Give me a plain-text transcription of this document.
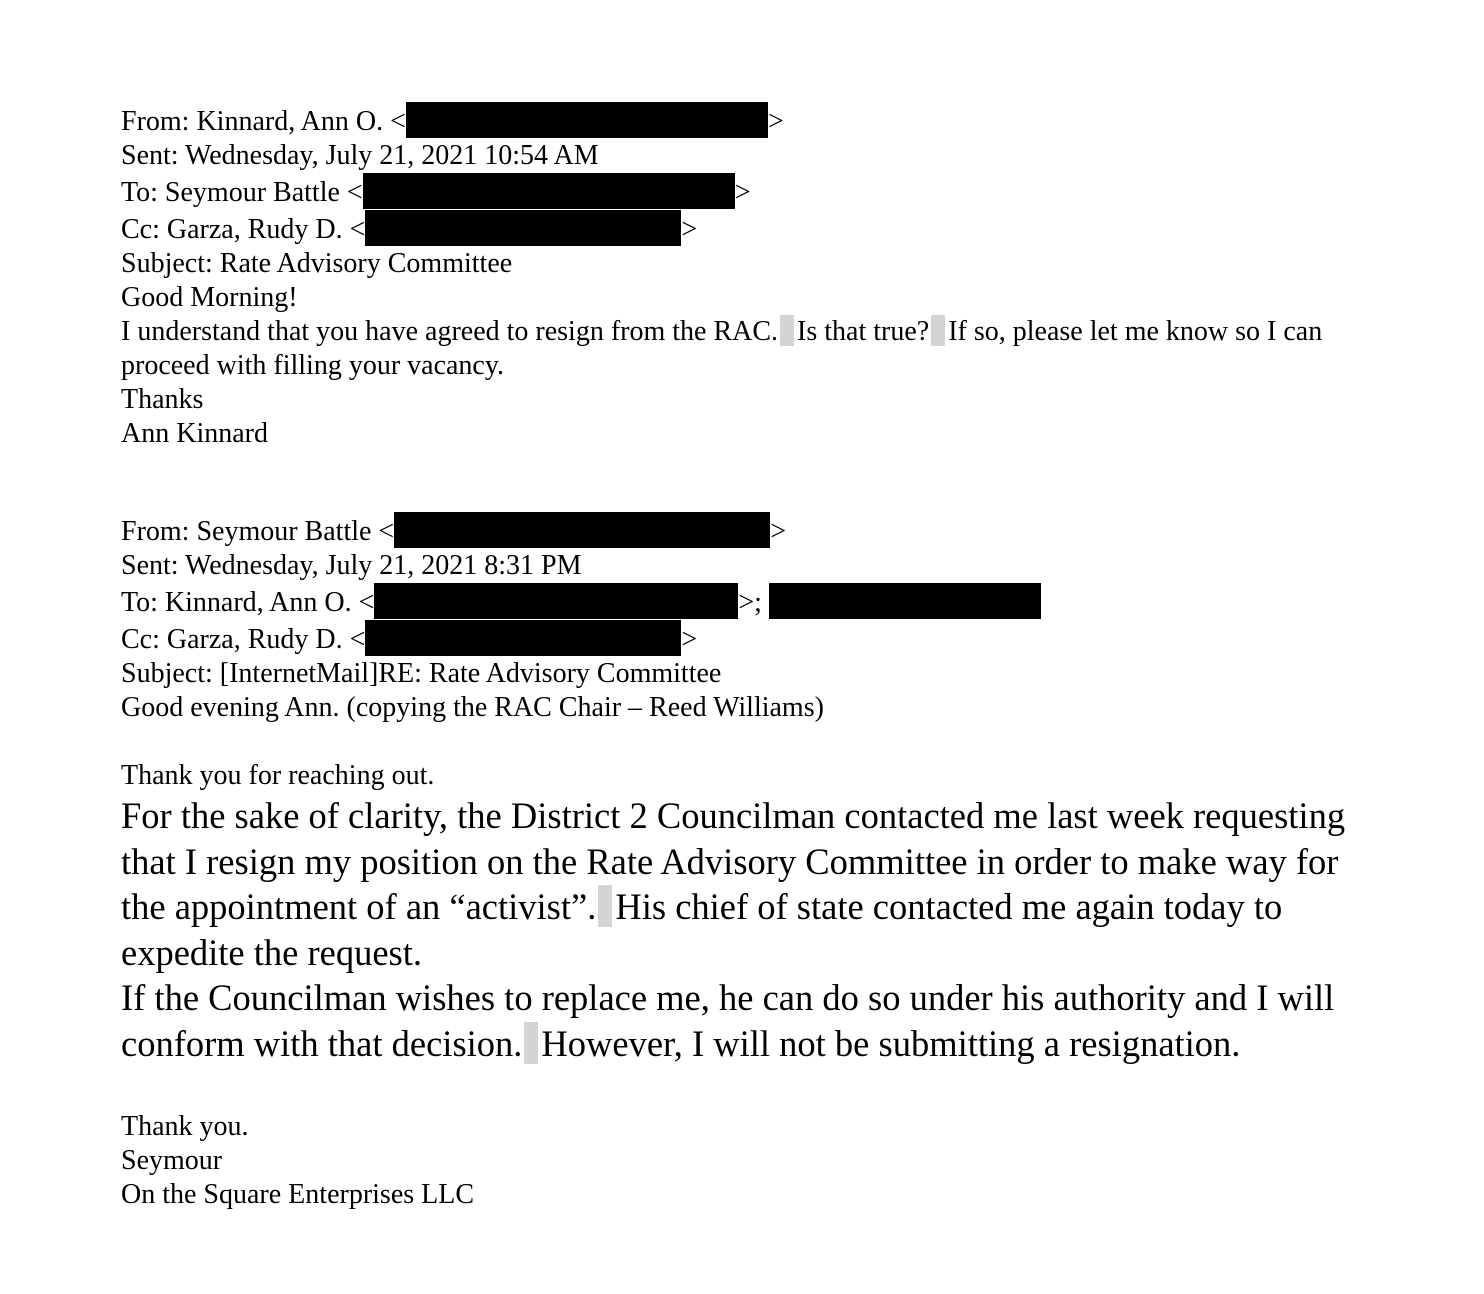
From: Kinnard, Ann O. <	>
Sent: Wednesday, July 21, 2021 10:54 AM
To: Seymour Battle <	>
Cc: Garza, Rudy D. <	>
Subject: Rate Advisory Committee
Good Morning!
I understand that you have agreed to resign from the RAC. Is that true? If so, please let me know so I can proceed with filling your vacancy.
Thanks
Ann Kinnard
From: Seymour Battle <	>
Sent: Wednesday, July 21, 2021 8:31 PM
To: Kinnard, Ann O. <	>;
Cc: Garza, Rudy D. <	>
Subject: [InternetMail]RE: Rate Advisory Committee
Good evening Ann. (copying the RAC Chair – Reed Williams)
Thank you for reaching out.
For the sake of clarity, the District 2 Councilman contacted me last week requesting that I resign my position on the Rate Advisory Committee in order to make way for the appointment of an “activist”. His chief of state contacted me again today to expedite the request.
If the Councilman wishes to replace me, he can do so under his authority and I will conform with that decision. However, I will not be submitting a resignation.
Thank you.
Seymour
On the Square Enterprises LLC
